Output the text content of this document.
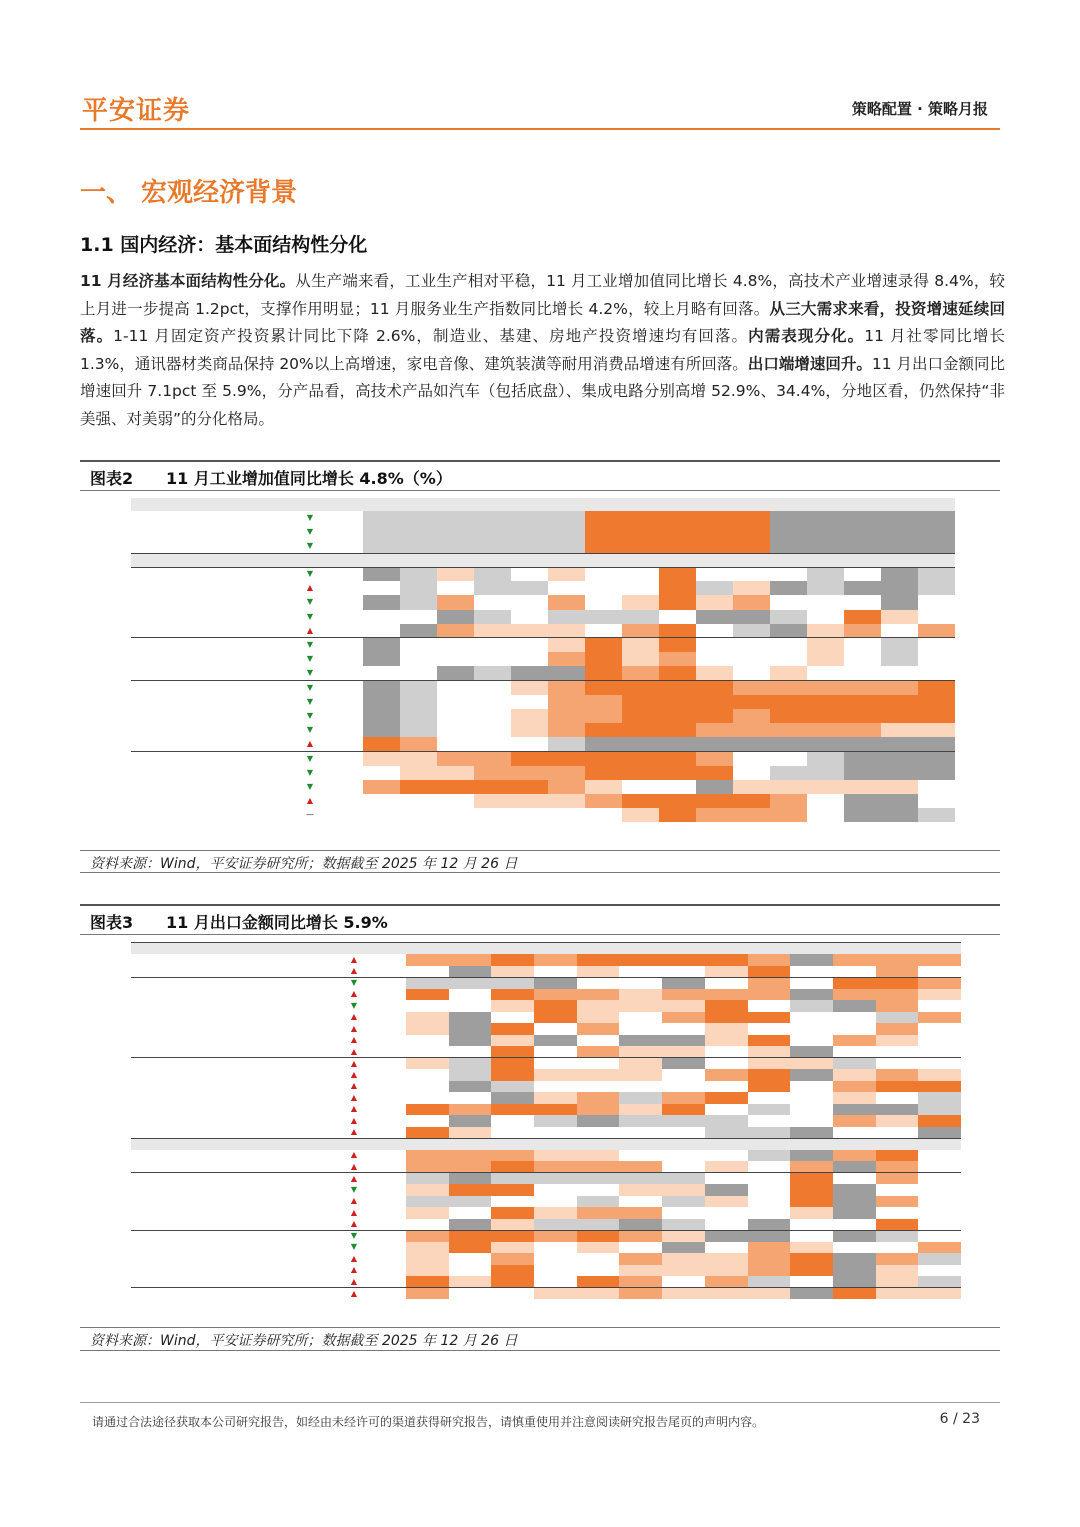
平安证券	策略配置 · 策略月报
一、 宏观经济背景
1.1 国内经济：基本面结构性分化
11 月经济基本面结构性分化。从生产端来看，工业生产相对平稳，11 月工业增加值同比增长 4.8%，高技术产业增速录得 8.4%，较上月进一步提高 1.2pct，支撑作用明显；11 月服务业生产指数同比增长 4.2%，较上月略有回落。从三大需求来看，投资增速延续回落。1-11 月固定资产投资累计同比下降 2.6%，制造业、基建、房地产投资增速均有回落。内需表现分化。11 月社零同比增长 1.3%，通讯器材类商品保持 20%以上高增速，家电音像、建筑装潢等耐用消费品增速有所回落。出口端增速回升。11 月出口金额同比增速回升 7.1pct 至 5.9%，分产品看，高技术产品如汽车（包括底盘）、集成电路分别高增 52.9%、34.4%，分地区看，仍然保持“非美强、对美弱”的分化格局。
图表2 11 月工业增加值同比增长 4.8%（%）

		▼																	
		▼																	
		▼																	

		▼																	
		▲																	
		▼																	
		▼																	
		▲																	
		▼																	
		▼																	
		▼																	
		▼																	
		▼																	
		▼																	
		▼																	
		▲																	
		▼																	
		▼																	
		▼																	
		▲																	
		—																	
资料来源：Wind，平安证券研究所；数据截至 2025 年 12 月 26 日
图表3 11 月出口金额同比增长 5.9%

	▲														
	▲														
	▼														
	▲														
	▼														
	▲														
	▲														
	▲														
	▲														
	▲														
	▲														
	▲														
	▲														
	▲														
	▲														
	▲														

	▲														
	▲														
	▲														
	▼														
	▲														
	▲														
	▲														
	▼														
	▼														
	▲														
	▲														
	▲														
	▲														
资料来源：Wind，平安证券研究所；数据截至 2025 年 12 月 26 日
请通过合法途径获取本公司研究报告，如经由未经许可的渠道获得研究报告，请慎重使用并注意阅读研究报告尾页的声明内容。	6 / 23
